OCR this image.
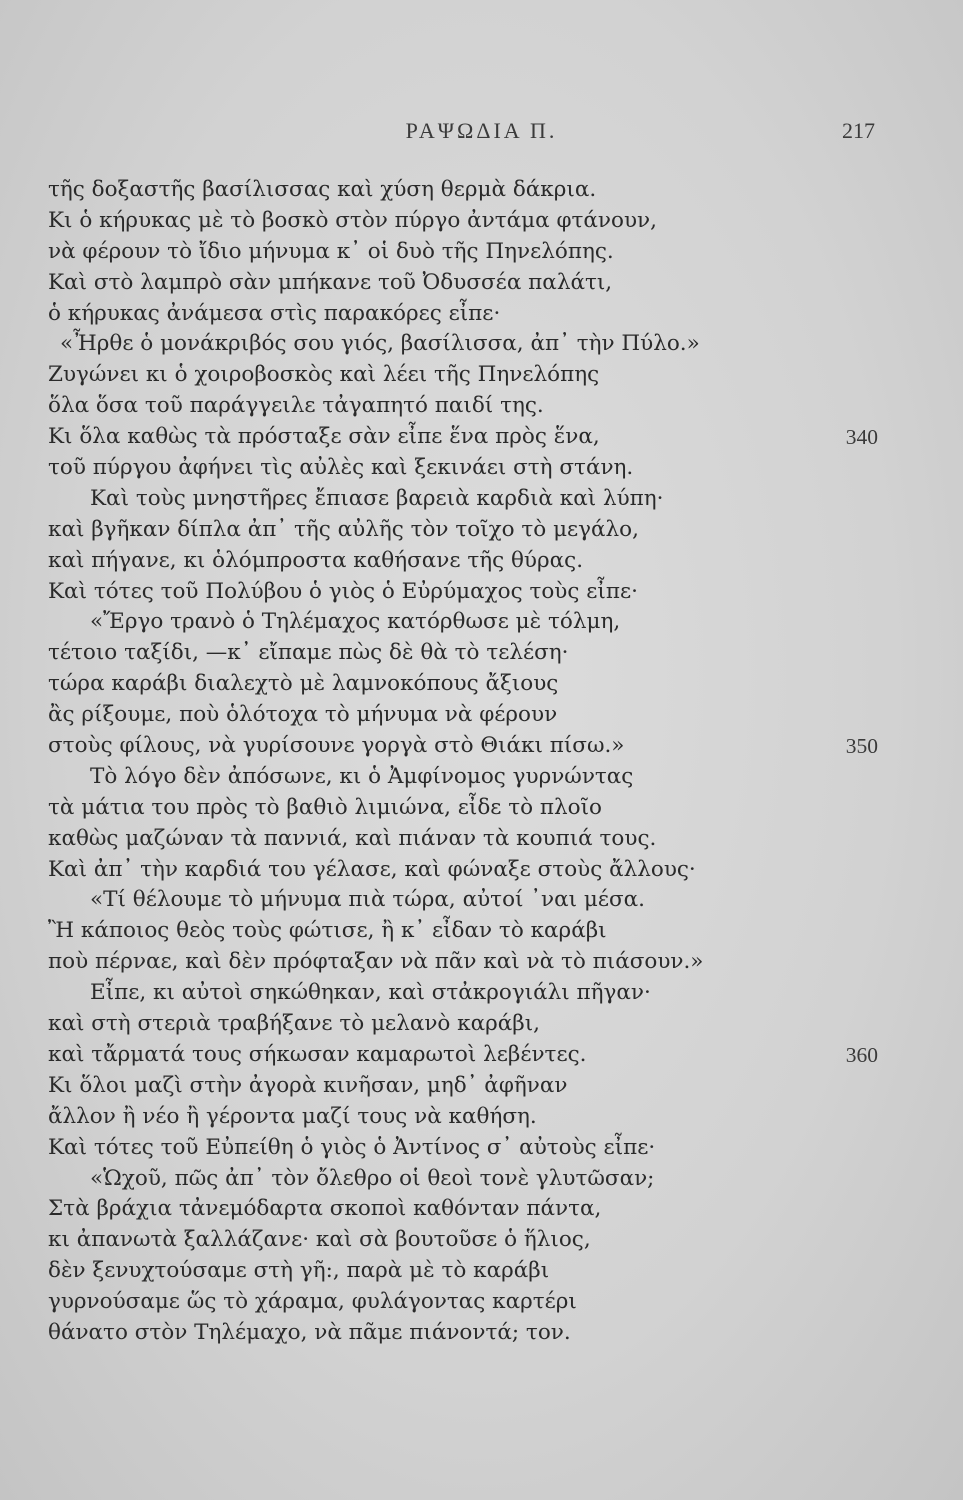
ΡΑΨΩΔΙΑ Π.	217
τῆς δοξαστῆς βασίλισσας καὶ χύση θερμὰ δάκρια.
Κι ὁ κήρυκας μὲ τὸ βοσκὸ στὸν πύργο ἀντάμα φτάνουν,
νὰ φέρουν τὸ ἴδιο μήνυμα κ᾽ οἱ δυὸ τῆς Πηνελόπης.
Καὶ στὸ λαμπρὸ σὰν μπήκανε τοῦ Ὀδυσσέα παλάτι,
ὁ κήρυκας ἀνάμεσα στὶς παρακόρες εἶπε·
«Ἦρθε ὁ μονάκριβός σου γιός, βασίλισσα, ἀπ᾽ τὴν Πύλο.»
Ζυγώνει κι ὁ χοιροβοσκὸς καὶ λέει τῆς Πηνελόπης
ὅλα ὅσα τοῦ παράγγειλε τἀγαπητό παιδί της.
Κι ὅλα καθὼς τὰ πρόσταξε σὰν εἶπε ἕνα πρὸς ἕνα,	340
τοῦ πύργου ἀφήνει τὶς αὐλὲς καὶ ξεκινάει στὴ στάνη.
Καὶ τοὺς μνηστῆρες ἔπιασε βαρειὰ καρδιὰ καὶ λύπη·
καὶ βγῆκαν δίπλα ἀπ᾽ τῆς αὐλῆς τὸν τοῖχο τὸ μεγάλο,
καὶ πήγανε, κι ὁλόμπροστα καθήσανε τῆς θύρας.
Καὶ τότες τοῦ Πολύβου ὁ γιὸς ὁ Εὐρύμαχος τοὺς εἶπε·
«Ἔργο τρανὸ ὁ Τηλέμαχος κατόρθωσε μὲ τόλμη,
τέτοιο ταξίδι, —κ᾽ εἴπαμε πὼς δὲ θὰ τὸ τελέση·
τώρα καράβι διαλεχτὸ μὲ λαμνοκόπους ἄξιους
ἂς ρίξουμε, ποὺ ὁλότοχα τὸ μήνυμα νὰ φέρουν
στοὺς φίλους, νὰ γυρίσουνε γοργὰ στὸ Θιάκι πίσω.»	350
Τὸ λόγο δὲν ἀπόσωνε, κι ὁ Ἀμφίνομος γυρνώντας
τὰ μάτια του πρὸς τὸ βαθιὸ λιμιώνα, εἶδε τὸ πλοῖο
καθὼς μαζώναν τὰ παννιά, καὶ πιάναν τὰ κουπιά τους.
Καὶ ἀπ᾽ τὴν καρδιά του γέλασε, καὶ φώναξε στοὺς ἄλλους·
«Τί θέλουμε τὸ μήνυμα πιὰ τώρα, αὐτοί ᾽ναι μέσα.
Ἢ κάποιος θεὸς τοὺς φώτισε, ἢ κ᾽ εἶδαν τὸ καράβι
ποὺ πέρναε, καὶ δὲν πρόφταξαν νὰ πᾶν καὶ νὰ τὸ πιάσουν.»
Εἶπε, κι αὐτοὶ σηκώθηκαν, καὶ στἀκρογιάλι πῆγαν·
καὶ στὴ στεριὰ τραβήξανε τὸ μελανὸ καράβι,
καὶ τἄρματά τους σήκωσαν καμαρωτοὶ λεβέντες.	360
Κι ὅλοι μαζὶ στὴν ἀγορὰ κινῆσαν, μηδ᾽ ἀφῆναν
ἄλλον ἢ νέο ἢ γέροντα μαζί τους νὰ καθήση.
Καὶ τότες τοῦ Εὐπείθη ὁ γιὸς ὁ Ἀντίνος σ᾽ αὐτοὺς εἶπε·
«Ὡχοῦ, πῶς ἀπ᾽ τὸν ὄλεθρο οἱ θεοὶ τονὲ γλυτῶσαν;
Στὰ βράχια τἀνεμόδαρτα σκοποὶ καθόνταν πάντα,
κι ἀπανωτὰ ξαλλάζανε· καὶ σὰ βουτοῦσε ὁ ἥλιος,
δὲν ξενυχτούσαμε στὴ γῆ:, παρὰ μὲ τὸ καράβι
γυρνούσαμε ὥς τὸ χάραμα, φυλάγοντας καρτέρι
θάνατο στὸν Τηλέμαχο, νὰ πᾶμε πιάνοντά; τον.
